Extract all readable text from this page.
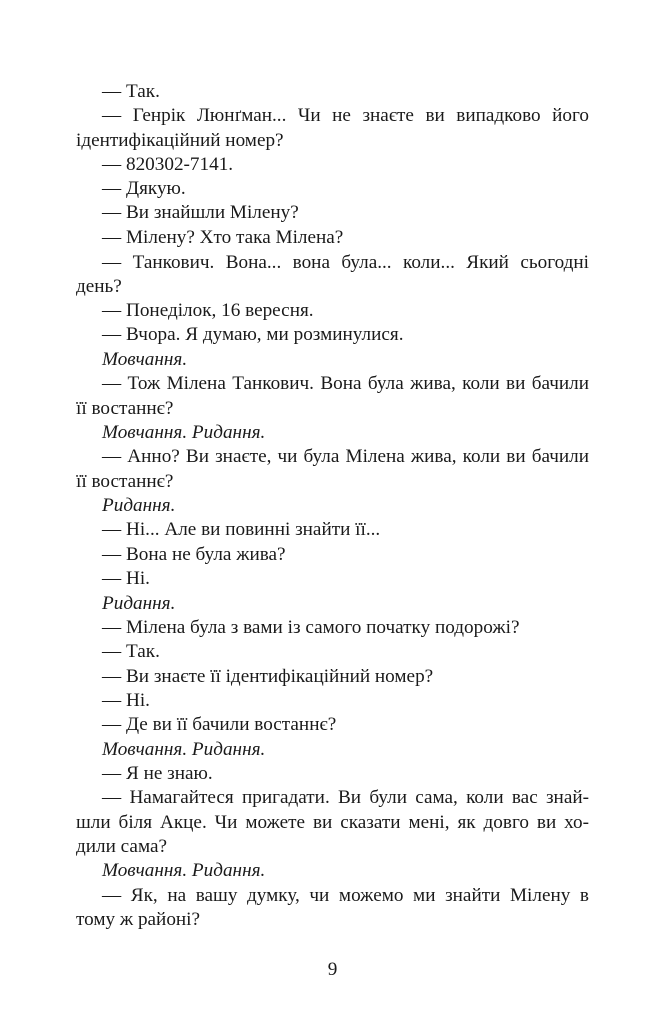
— Так.
— Генрік Люнґман... Чи не знаєте ви випадково його
ідентифікаційний номер?
— 820302-7141.
— Дякую.
— Ви знайшли Мілену?
— Мілену? Хто така Мілена?
— Танкович. Вона... вона була... коли... Який сьогодні
день?
— Понеділок, 16 вересня.
— Вчора. Я думаю, ми розминулися.
Мовчання.
— Тож Мілена Танкович. Вона була жива, коли ви бачили
її востаннє?
Мовчання. Ридання.
— Анно? Ви знаєте, чи була Мілена жива, коли ви бачили
її востаннє?
Ридання.
— Ні... Але ви повинні знайти її...
— Вона не була жива?
— Ні.
Ридання.
— Мілена була з вами із самого початку подорожі?
— Так.
— Ви знаєте її ідентифікаційний номер?
— Ні.
— Де ви її бачили востаннє?
Мовчання. Ридання.
— Я не знаю.
— Намагайтеся пригадати. Ви були сама, коли вас знай-
шли біля Акце. Чи можете ви сказати мені, як довго ви хо-
дили сама?
Мовчання. Ридання.
— Як, на вашу думку, чи можемо ми знайти Мілену в
тому ж районі?
9
